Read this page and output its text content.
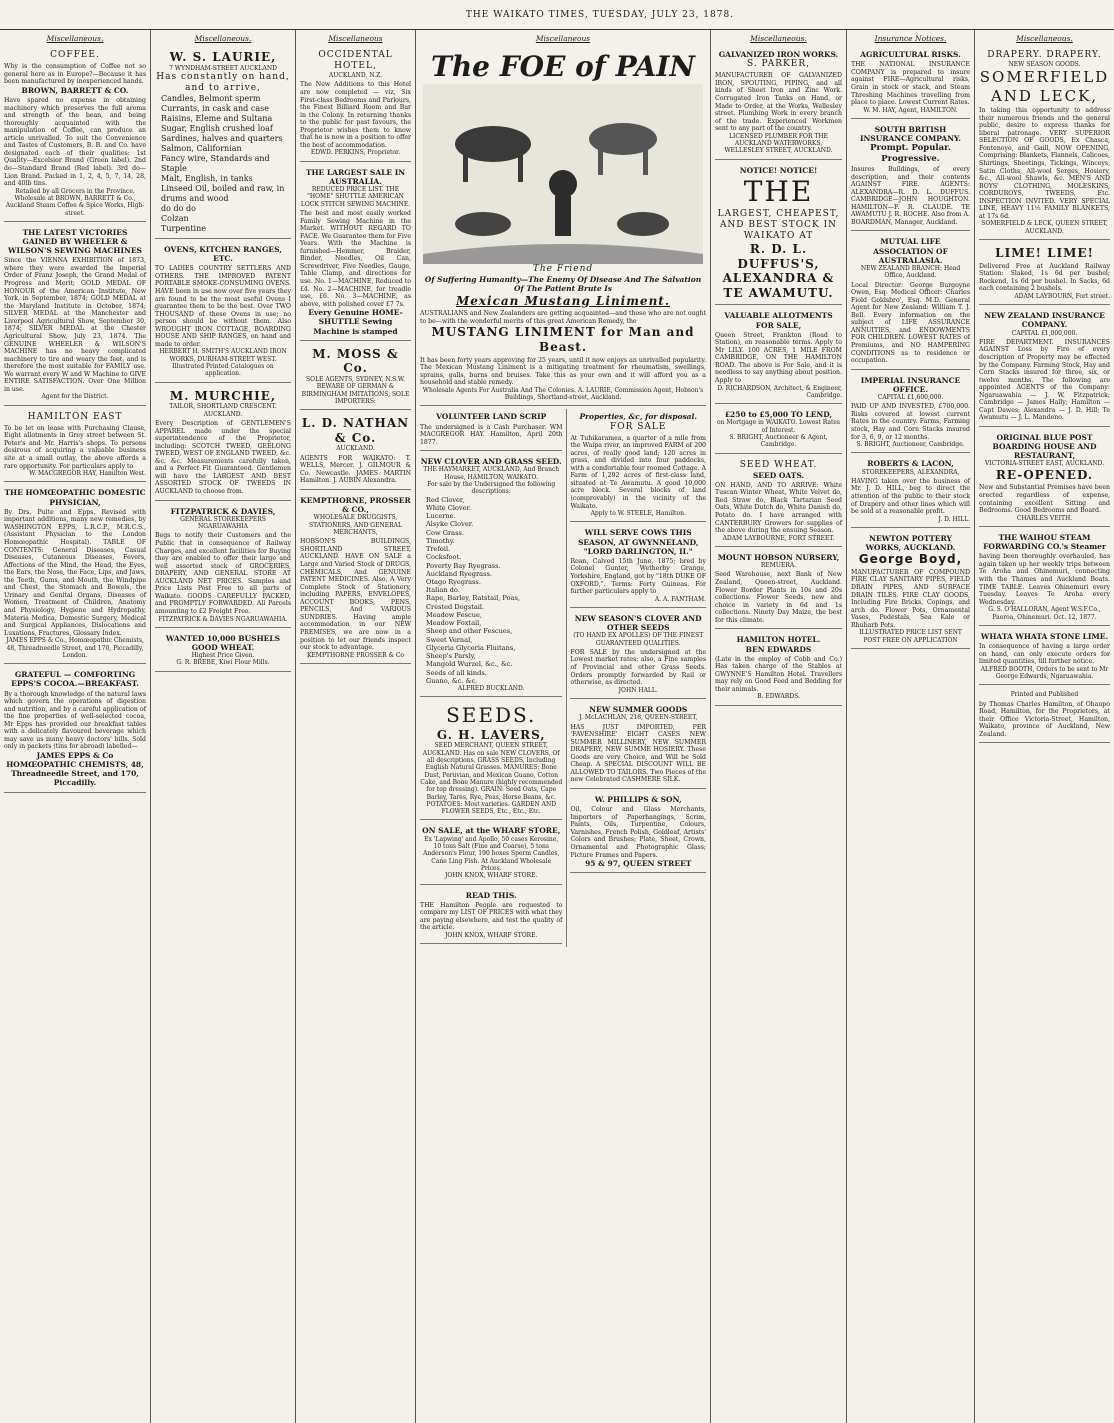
THE WAIKATO TIMES, TUESDAY, JULY 23, 1878.
Miscellaneous.
COFFEE.
Why is the consumption of Coffee not so general here as in Europe?—Because it has been manufactured by inexperienced hands.
BROWN, BARRETT & CO.
Have spared no expense in obtaining machinery which preserves the full aroma and strength of the bean, and being thoroughly acquainted with the manipulation of Coffee, can produce an article unrivalled. To suit the Convenience and Tastes of Customers, B. B. and Co. have designated each of their qualities: 1st Quality—Excelsior Brand (Green label). 2nd do—Standard Brand (Red label). 3rd do—Lion Brand. Packed in 1, 2, 4, 5, 7, 14, 28, and 40lb tins.
Retailed by all Grocers in the Province. Wholesale at BROWN, BARRETT & Co., Auckland Steam Coffee & Spice Works, High-street.
THE LATEST VICTORIES GAINED BY WHEELER & WILSON'S SEWING MACHINES
Since the VIENNA EXHIBITION of 1873, where they were awarded the Imperial Order of Franz Joseph, the Grand Medal of Progress and Merit; GOLD MEDAL OF HONOUR of the American Institute, New York, in September, 1874; GOLD MEDAL at the Maryland Institute in October, 1874; SILVER MEDAL at the Manchester and Liverpool Agricultural Show, September 30, 1874; SILVER MEDAL at the Chester Agricultural Show, July 23, 1874. The GENUINE WHEELER & WILSON'S MACHINE has no heavy complicated machinery to tire and weary the feet, and is therefore the most suitable for FAMILY use. We warrant every W and W Machine to GIVE ENTIRE SATISFACTION. Over One Million in use.
Agent for the District.
HAMILTON EAST
To be let on lease with Purchasing Clause, Eight allotments in Grey street between St. Peter's and Mr. Harris's shops. To persons desirous of acquiring a valuable business site at a small outlay, the above affords a rare opportunity. For particulars apply to
W. MACGREGOR HAY, Hamilton West.
THE HOMŒOPATHIC DOMESTIC PHYSICIAN,
By Drs. Pulte and Epps. Revised with important additions, many new remedies, by WASHINGTON EPPS, L.R.C.P., M.R.C.S., (Assistant Physician to the London Homœopathic Hospital). TABLE OF CONTENTS: General Diseases, Casual Diseases, Cutaneous Diseases, Fevers, Affections of the Mind, the Head, the Eyes, the Ears, the Nose, the Face, Lips, and Jaws, the Teeth, Gums, and Mouth, the Windpipe and Chest, the Stomach and Bowels, the Urinary and Genital Organs, Diseases of Women, Treatment of Children, Anatomy and Physiology, Hygiene and Hydropathy, Materia Medica, Domestic Surgery, Medical and Surgical Appliances, Dislocations and Luxations, Fractures, Glossary Index.
JAMES EPPS & Co., Homœopathic Chemists, 48, Threadneedle Street, and 170, Piccadilly, London.
GRATEFUL — COMFORTING EPPS'S COCOA.—BREAKFAST.
By a thorough knowledge of the natural laws which govern the operations of digestion and nutrition, and by a careful application of the fine properties of well-selected cocoa, Mr Epps has provided our breakfast tables with a delicately flavoured beverage which may save us many heavy doctors' bills. Sold only in packets (tins for abroad) labelled—
JAMES EPPS & Co HOMŒOPATHIC CHEMISTS, 48, Threadneedle Street, and 170, Piccadilly.
Miscellaneous.
W. S. LAURIE,
7 WYNDHAM-STREET AUCKLAND
Has constantly on hand, and to arrive,
Candles, Belmont sperm
Currants, in cask and case
Raisins, Eleme and Sultana
Sugar, English crushed loaf
Sardines, halves and quarters
Salmon, Californian
Fancy wire, Standards and Staple
Malt, English, in tanks
Linseed Oil, boiled and raw, in drums and wood
do do do
Colzan
Turpentine
OVENS, KITCHEN RANGES, ETC.
TO LADIES COUNTRY SETTLERS AND OTHERS. THE IMPROVED PATENT PORTABLE SMOKE-CONSUMING OVENS. HAVE been in use now over five years they are found to be the most useful Ovens I guarantee them to be the best. Over TWO THOUSAND of these Ovens in use; no person should be without them. Also WROUGHT IRON COTTAGE, BOARDING HOUSE AND SHIP RANGES, on hand and made to order.
HERBERT H. SMITH'S AUCKLAND IRON WORKS, DURHAM-STREET WEST. Illustrated Printed Catalogues on application.
M. MURCHIE,
TAILOR, SHORTLAND CRESCENT. AUCKLAND.
Every Description of GENTLEMEN'S APPAREL made under the special superintendence of the Proprietor, including: SCOTCH TWEED, GEELONG TWEED, WEST OF ENGLAND TWEED, &c. &c. &c. Measurements carefully taken, and a Perfect Fit Guaranteed. Gentlemen will have the LARGEST AND BEST ASSORTED STOCK OF TWEEDS IN AUCKLAND to choose from.
FITZPATRICK & DAVIES,
GENERAL STOREKEEPERS NGARUAWAHIA
Begs to notify their Customers and the Public that in consequence of Railway Charges, and excellent facilities for Buying they are enabled to offer their large and well assorted stock of GROCERIES, DRAPERY, AND GENERAL STORE AT AUCKLAND NET PRICES. Samples and Price Lists Post Free to all parts of Waikato. GOODS CAREFULLY PACKED, and PROMPTLY FORWARDED. All Parcels amounting to £2 Freight Free.
FITZPATRICK & DAVIES NGARUAWAHIA.
WANTED 10,000 BUSHELS GOOD WHEAT.
Highest Price Given.
G. R. BREBE, Kiwi Flour Mills.
Miscellaneous
OCCIDENTAL HOTEL,
AUCKLAND, N.Z.
The New Additions to this Hotel are now completed — viz, Six First-class Bedrooms and Parlours, the Finest Billiard Room and Bar in the Colony. In returning thanks to the public for past favours, the Proprietor wishes them to know that he is now in a position to offer the best of accommodation.
EDWD. PERKINS, Proprietor.
THE LARGEST SALE IN AUSTRALIA.
REDUCED PRICE LIST. THE "HOME" SHUTTLE AMERICAN LOCK STITCH SEWING MACHINE.
The best and most easily worked Family Sewing Machine in the Market. WITHOUT REGARD TO FACE. We Guarantee them for Five Years. With the Machine is furnished—Hemmer, Braider, Binder, Needles, Oil Can, Screwdriver, Five Needles, Gauge, Table Clamp, and directions for use. No. 1—MACHINE, Reduced to £4. No. 2—MACHINE, for treadle use, £6. No. 3—MACHINE, as above, with polished cover £7 7s.
Every Genuine HOME-SHUTTLE Sewing Machine is stamped
M. MOSS & Co.
SOLE AGENTS, SYDNEY, N.S.W.
BEWARE OF GERMAN & BIRMINGHAM IMITATIONS, SOLE IMPORTERS:
L. D. NATHAN & Co.
AUCKLAND.
AGENTS FOR WAIKATO: T. WELLS, Mercer. J. GILMOUR & Co. Newcastle. JAMES MARTIN Hamilton. J. AUBIN Alexandra.
KEMPTHORNE, PROSSER & CO.,
WHOLESALE DRUGGISTS, STATIONERS, AND GENERAL MERCHANTS,
HOBSON'S BUILDINGS, SHORTLAND STREET, AUCKLAND. HAVE ON SALE a Large and Varied Stock of DRUGS, CHEMICALS, And GENUINE PATENT MEDICINES. Also, A Very Complete Stock of Stationery, including PAPERS, ENVELOPES, ACCOUNT BOOKS, PENS, PENCILS, And VARIOUS SUNDRIES. Having ample accommodation in our NEW PREMISES, we are now in a position to let our friends inspect our stock to advantage.
KEMPTHORNE PROSSER & Co
Miscellaneous
The FOE of PAIN
The Friend
Of Suffering Humanity—The Enemy Of Disease And The Salvation Of The Patient Brute Is
Mexican Mustang Liniment.
AUSTRALIANS and New Zealanders are getting acquainted—and those who are not ought to be—with the wonderful merits of this great American Remedy, the
MUSTANG LINIMENT for Man and Beast.
It has been forty years approving for 25 years, until it now enjoys an unrivalled popularity. The Mexican Mustang Liniment is a mitigating treatment for rheumatism, swellings, sprains, galls, burns and bruises. Take this as your own and it will afford you as a household and stable remedy.
Wholesale Agents For Australia And The Colonies. A. LAURIE, Commission Agent, Hobson's Buildings, Shortland-street, Auckland.
VOLUNTEER LAND SCRIP
The undersigned is a Cash Purchaser. WM MACGREGOR HAY. Hamilton, April 20th 1877.
NEW CLOVER AND GRASS SEED.
THE HAYMARKET, AUCKLAND, And Branch House, HAMILTON, WAIKATO.
For sale by the Undersigned the following descriptions:
Red Clover,
White Clover.
Lucerne.
Alsyke Clover.
Cow Grass.
Timothy.
Trefoil.
Cocksfoot.
Poverty Bay Ryegrass.
Auckland Ryegrass.
Otago Ryegrass.
Italian do.
Rape, Barley, Ratstail, Poas,
Crested Dogstail.
Meadow Fescue,
Meadow Foxtail,
Sheep and other Fescues,
Sweet Vernal,
Glyceria Glyceria Fluitans,
Sheep's Parsly,
Mangold Wurzel, &c., &c.
Seeds of all kinds.
Guano, &c. &c.
ALFRED BUCKLAND.
SEEDS.
G. H. LAVERS,
SEED MERCHANT, QUEEN STREET, AUCKLAND. Has on sale NEW CLOVERS, Of all descriptions. GRASS SEEDS, Including English Natural Grasses. MANURES: Bone Dust, Peruvian, and Mexican Guano, Cotton Cake, and Bone Manure (highly recommended for top dressing). GRAIN: Seed Oats, Cape Barley, Tares, Rye, Peas, Horse Beans, &c. POTATOES: Most varieties. GARDEN AND FLOWER SEEDS, Etc., Etc., Etc.
ON SALE, at the WHARF STORE,
Ex 'Lapwing' and Apollo, 50 cases Kerosine, 10 tons Salt (Fine and Coarse), 5 tons Anderson's Flour, 190 boxes Sperm Candles, Cane Ling Fish. At Auckland Wholesale Prices.
JOHN KNOX, WHARF STORE.
READ THIS.
THE Hamilton People are requested to compare my LIST OF PRICES with what they are paying elsewhere, and test the quality of the article.
JOHN KNOX, WHARF STORE.
Properties, &c, for disposal.
FOR SALE
At Tuhikaramea, a quarter of a mile from the Waipa river, an improved FARM of 200 acres, of really good land; 120 acres in grass, and divided into four paddocks, with a comfortable four roomed Cottage. A Farm of 1,292 acres of first-class land, situated at Te Awamutu. A good 10,000 acre block. Several blocks of land (comprovably) in the vicinity of the Waikato.
Apply to W. STEELE, Hamilton.
WILL SERVE COWS THIS SEASON, AT GWYNNELAND,
"LORD DARLINGTON, II."
Roan, Calved 15th June, 1875; bred by Colonel Gunter, Wetherby Grange, Yorkshire, England, got by "18th DUKE OF OXFORD,". Terms: Forty Guineas. For further particulars apply to
A. A. FANTHAM.
NEW SEASON'S CLOVER AND OTHER SEEDS
(TO HAND EX APOLLES) OF THE FINEST GUARANTEED QUALITIES.
FOR SALE by the undersigned at the Lowest market rates; also, a Fine samples of Provincial and other Grass Seeds. Orders promptly forwarded by Rail or otherwise, as directed.
JOHN HALL.
NEW SUMMER GOODS
J. McLACHLAN, 218, QUEEN-STREET,
HAS JUST IMPORTED, PER 'FAVENSHIRE' EIGHT CASES NEW SUMMER MILLINERY, NEW SUMMER DRAPERY, NEW SUMME HOSIERY. These Goods are very Choice, and Will be Sold Cheap. A SPECIAL DISCOUNT WILL BE ALLOWED TO TAILORS. Two Pieces of the new Celebrated CASHMERE SILK.
W. PHILLIPS & SON,
Oil, Colour and Glass Merchants, Importers of Paperhangings, Scrim, Paints, Oils, Turpentine, Colours, Varnishes, French Polish, Goldleaf, Artists' Colors and Brushes; Plate, Sheet, Crown, Ornamental and Photographic Glass; Picture Frames and Papers.
95 & 97, QUEEN STREET
Miscellaneous.
GALVANIZED IRON WORKS.
S. PARKER,
MANUFACTURER OF GALVANIZED IRON, SPOUTING, PIPING, and all kinds of Sheet Iron and Zinc Work. Corrugated Iron Tanks on Hand, or Made to Order, at the Works, Wellesley street. Plumbing Work in every branch of the trade. Experienced Workmen sent to any part of the country.
LICENSED PLUMBER FOR THE AUCKLAND WATERWORKS, WELLESLEY STREET, AUCKLAND.
NOTICE! NOTICE!
THE
LARGEST, CHEAPEST, AND BEST STOCK IN WAIKATO AT
R. D. L. DUFFUS'S, ALEXANDRA & TE AWAMUTU.
VALUABLE ALLOTMENTS FOR SALE,
Queen Street, Frankton (Road to Station), on reasonable terms. Apply to Mr LILY. 100 ACRES, 1 MILE FROM CAMBRIDGE, ON THE HAMILTON ROAD. The above is For Sale, and it is needless to say anything about position. Apply to
D. RICHARDSON, Architect, & Engineer, Cambridge.
£250 to £5,000 TO LEND,
on Mortgage in WAIKATO. Lowest Rates of Interest.
S. BRIGHT, Auctioneer & Agent, Cambridge.
SEED WHEAT.
SEED OATS.
ON HAND, AND TO ARRIVE: White Tuscan Winter Wheat, White Velvet do, Red Straw do, Black Tartarian Seed Oats, White Dutch do, White Danish do, Potato do. I have arranged with CANTERBURY Growers for supplies of the above during the ensuing Season.
ADAM LAYBOURNE, FORT STREET.
MOUNT HOBSON NURSERY,
REMUERA.
Seed Warehouse, next Bank of New Zealand, Queen-street, Auckland. Flower Border Plants in 10s and 20s collections. Flower Seeds, new and choice in variety in 6d and 1s collections. Ninety Day Maize, the best for this climate.
HAMILTON HOTEL.
BEN EDWARDS
(Late in the employ of Cobb and Co.) Has taken charge of the Stables at GWYNNE'S Hamilton Hotel. Travellers may rely on Good Feed and Bedding for their animals.
B. EDWARDS.
Insurance Notices.
AGRICULTURAL RISKS.
THE NATIONAL INSURANCE COMPANY is prepared to insure against FIRE—Agricultural risks, Grain in stock or stack, and Steam Threshing Machines travelling from place to place. Lowest Current Rates.
W. M. HAY, Agent, HAMILTON.
SOUTH BRITISH INSURANCE COMPANY.
Prompt. Popular. Progressive.
Insures Buildings, of every description, and their contents AGAINST FIRE. AGENTS: ALEXANDRA—R. D. L. DUFFUS. CAMBRIDGE—JOHN HOUGHTON. HAMILTON—F. R. CLAUDE. TE AWAMUTU J. R. ROCHE. Also from A. BOARDMAN, Manager, Auckland.
MUTUAL LIFE ASSOCIATION OF AUSTRALASIA.
NEW ZEALAND BRANCH: Head Office, Auckland.
Local Director: George Burgoyne Owen, Esq. Medical Officer: Charles Fiold Goldsbro', Esq. M.D. General Agent for New Zealand: William T. J. Bell. Every information on the subject of LIFE ASSURANCE ANNUITIES, and ENDOWMENTS FOR CHILDREN. LOWEST RATES of Premiums, and NO HAMPERING CONDITIONS as to residence or occupation.
IMPERIAL INSURANCE OFFICE.
CAPITAL £1,600,000.
PAID UP AND INVESTED, £700,000. Risks covered at lowest current Rates in the country. Farms, Farming stock, Hay and Corn Stacks insured for 3, 6, 9, or 12 months.
S. BRIGHT, Auctioneer, Cambridge.
ROBERTS & LACON,
STOREKEEPERS, ALEXANDRA,
HAVING taken over the business of Mr. J. D. HILL, beg to direct the attention of the public to their stock of Drapery and other lines which will be sold at a reasonable profit.
J. D. HILL.
NEWTON POTTERY WORKS, AUCKLAND.
George Boyd,
MANUFACTURER OF COMPOUND FIRE CLAY SANITARY PIPES, FIELD DRAIN PIPES, AND SURFACE DRAIN TILES. FIRE CLAY GOODS, Including Fire Bricks, Copings, and arch do. Flower Pots, Ornamental Vases, Pedestals, Sea Kale or Rhubarb Pots.
ILLUSTRATED PRICE LIST SENT POST FREE ON APPLICATION
Miscellaneous.
DRAPERY. DRAPERY.
NEW SEASON GOODS.
SOMERFIELD AND LECK,
In taking this opportunity to address their numerous friends and the general public, desire to express thanks for liberal patronage. VERY SUPERIOR SELECTION OF GOODS, Ex Chasca, Fontenoye, and Gaill, NOW OPENING, Comprising: Blankets, Flannels, Calicoes, Shirtings, Sheetings, Tickings, Winceys, Satin Cloths, All-wool Serges, Hosiery, &c., All-wool Shawls, &c. MEN'S AND BOYS' CLOTHING, MOLESKINS, CORDUROYS, TWEEDS, Etc. INSPECTION INVITED. VERY SPECIAL LINE, HEAVY 11½ FAMILY BLANKETS, at 17s 6d.
SOMERFIELD & LECK, QUEEN STREET, AUCKLAND.
LIME! LIME!
Delivered Free at Auckland Railway Station: Slaked, 1s 6d per bushel; Rockend, 1s 6d per bushel. In Sacks, 6d each containing 2 bushels.
ADAM LAYBOURN, Fort street.
NEW ZEALAND INSURANCE COMPANY.
CAPITAL £1,000,000.
FIRE DEPARTMENT. INSURANCES AGAINST Loss by Fire of every description of Property may be effected by the Company. Farming Stock, Hay and Corn Stacks insured for three, six, or twelve months. The following are appointed AGENTS of the Company: Ngaruawahia — J. W. Fitzpatrick; Cambridge — James Hally; Hamilton — Capt Dawes; Alexandra — J. D. Hill; Te Awamutu — J. L. Mandeno.
ORIGINAL BLUE POST BOARDING HOUSE AND RESTAURANT,
VICTORIA-STREET EAST, AUCKLAND.
RE-OPENED.
New and Substantial Premises have been erected regardless of expense, containing excellent Sitting and Bedrooms. Good Bedrooms and Board.
CHARLES VEITH.
THE WAIHOU STEAM FORWARDING CO.'s Steamer
having been thoroughly overhauled, has again taken up her weekly trips between Te Aroha and Ohinemuri, connecting with the Thames and Auckland Boats. TIME TABLE. Leaves Ohinemuri every Tuesday. Leaves Te Aroha every Wednesday.
G. S. O'HALLORAN, Agent W.S.F.Co., Paeroa, Ohinemuri. Oct. 12, 1877.
WHATA WHATA STONE LIME.
In consequence of having a large order on hand, can only execute orders for limited quantities, till further notice.
ALFRED BOOTH, Ordors to be sent to Mr George Edwards, Ngaruawahia.
Printed and Published
by Thomas Charles Hamilton, of Ohaupo Road, Hamilton, for the Proprietors, at their Office Victoria-Street, Hamilton, Waikato, province of Auckland, New Zealand.
